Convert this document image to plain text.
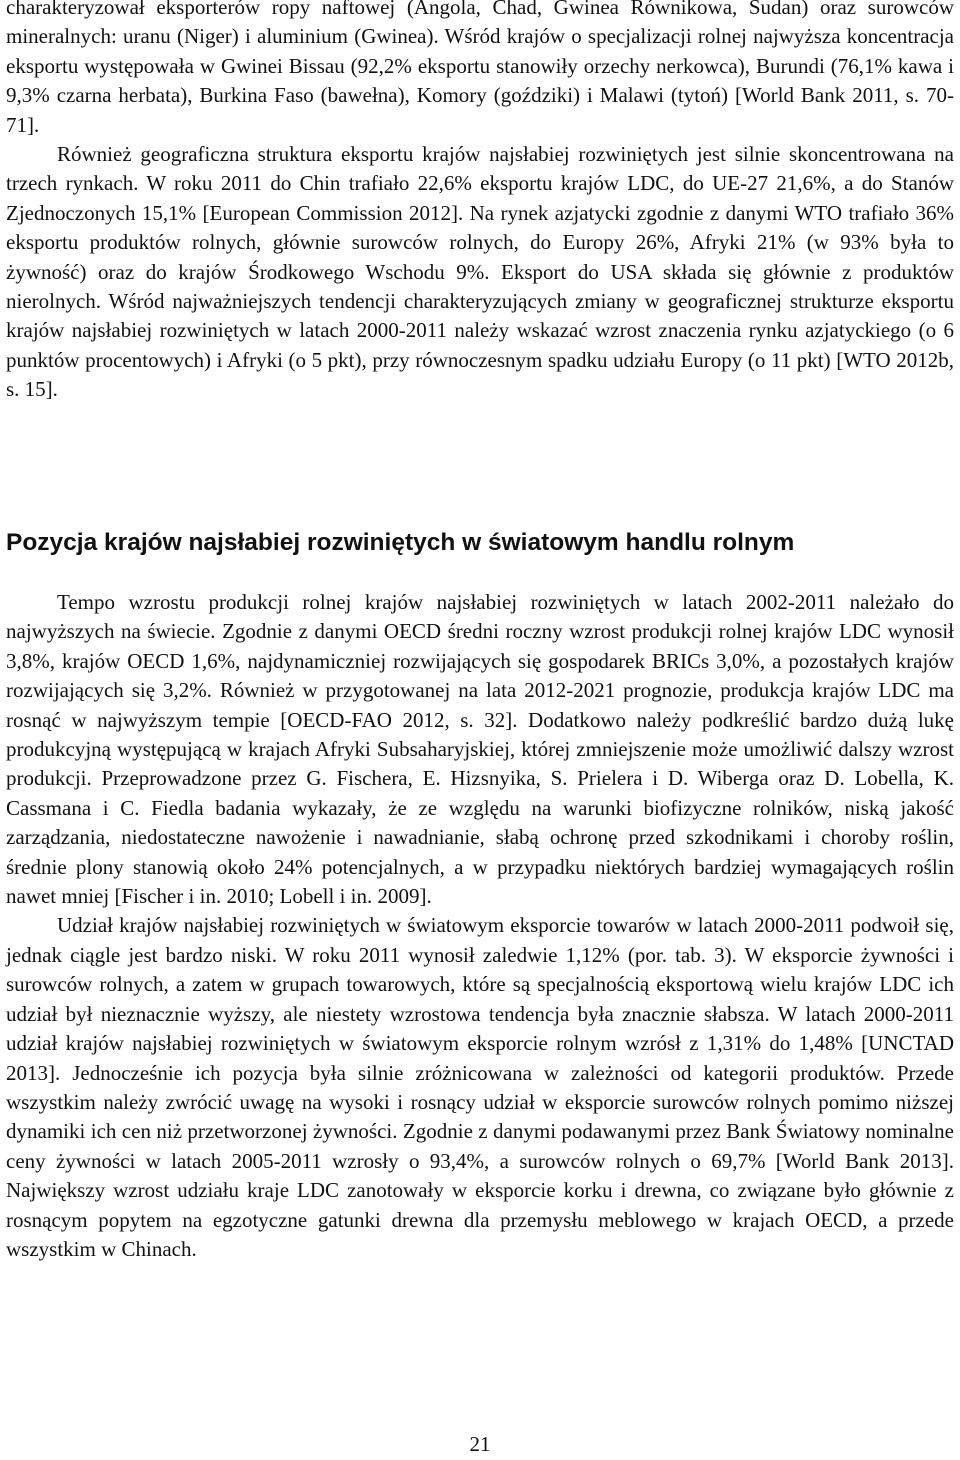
charakteryzował eksporterów ropy naftowej (Angola, Chad, Gwinea Równikowa, Sudan) oraz surowców mineralnych: uranu (Niger) i aluminium (Gwinea). Wśród krajów o specjalizacji rolnej najwyższa koncentracja eksportu występowała w Gwinei Bissau (92,2% eksportu stanowiły orzechy nerkowca), Burundi (76,1% kawa i 9,3% czarna herbata), Burkina Faso (bawełna), Komory (goździki) i Malawi (tytoń) [World Bank 2011, s. 70-71].

Również geograficzna struktura eksportu krajów najsłabiej rozwiniętych jest silnie skoncentrowana na trzech rynkach. W roku 2011 do Chin trafiało 22,6% eksportu krajów LDC, do UE-27 21,6%, a do Stanów Zjednoczonych 15,1% [European Commission 2012]. Na rynek azjatycki zgodnie z danymi WTO trafiało 36% eksportu produktów rolnych, głównie surowców rolnych, do Europy 26%, Afryki 21% (w 93% była to żywność) oraz do krajów Środkowego Wschodu 9%. Eksport do USA składa się głównie z produktów nierolnych. Wśród najważniejszych tendencji charakteryzujących zmiany w geograficznej strukturze eksportu krajów najsłabiej rozwiniętych w latach 2000-2011 należy wskazać wzrost znaczenia rynku azjatyckiego (o 6 punktów procentowych) i Afryki (o 5 pkt), przy równoczesnym spadku udziału Europy (o 11 pkt) [WTO 2012b, s. 15].

Pozycja krajów najsłabiej rozwiniętych w światowym handlu rolnym

Tempo wzrostu produkcji rolnej krajów najsłabiej rozwiniętych w latach 2002-2011 należało do najwyższych na świecie. Zgodnie z danymi OECD średni roczny wzrost produkcji rolnej krajów LDC wynosił 3,8%, krajów OECD 1,6%, najdynamiczniej rozwijających się gospodarek BRICs 3,0%, a pozostałych krajów rozwijających się 3,2%. Również w przygotowanej na lata 2012-2021 prognozie, produkcja krajów LDC ma rosnąć w najwyższym tempie [OECD-FAO 2012, s. 32]. Dodatkowo należy podkreślić bardzo dużą lukę produkcyjną występującą w krajach Afryki Subsaharyjskiej, której zmniejszenie może umożliwić dalszy wzrost produkcji. Przeprowadzone przez G. Fischera, E. Hizsnyika, S. Prielera i D. Wiberga oraz D. Lobella, K. Cassmana i C. Fiedla badania wykazały, że ze względu na warunki biofizyczne rolników, niską jakość zarządzania, niedostateczne nawożenie i nawadnianie, słabą ochronę przed szkodnikami i choroby roślin, średnie plony stanowią około 24% potencjalnych, a w przypadku niektórych bardziej wymagających roślin nawet mniej [Fischer i in. 2010; Lobell i in. 2009].

Udział krajów najsłabiej rozwiniętych w światowym eksporcie towarów w latach 2000-2011 podwoił się, jednak ciągle jest bardzo niski. W roku 2011 wynosił zaledwie 1,12% (por. tab. 3). W eksporcie żywności i surowców rolnych, a zatem w grupach towarowych, które są specjalnością eksportową wielu krajów LDC ich udział był nieznacznie wyższy, ale niestety wzrostowa tendencja była znacznie słabsza. W latach 2000-2011 udział krajów najsłabiej rozwiniętych w światowym eksporcie rolnym wzrósł z 1,31% do 1,48% [UNCTAD 2013]. Jednocześnie ich pozycja była silnie zróżnicowana w zależności od kategorii produktów. Przede wszystkim należy zwrócić uwagę na wysoki i rosnący udział w eksporcie surowców rolnych pomimo niższej dynamiki ich cen niż przetworzonej żywności. Zgodnie z danymi podawanymi przez Bank Światowy nominalne ceny żywności w latach 2005-2011 wzrosły o 93,4%, a surowców rolnych o 69,7% [World Bank 2013]. Największy wzrost udziału kraje LDC zanotowały w eksporcie korku i drewna, co związane było głównie z rosnącym popytem na egzotyczne gatunki drewna dla przemysłu meblowego w krajach OECD, a przede wszystkim w Chinach.

21
